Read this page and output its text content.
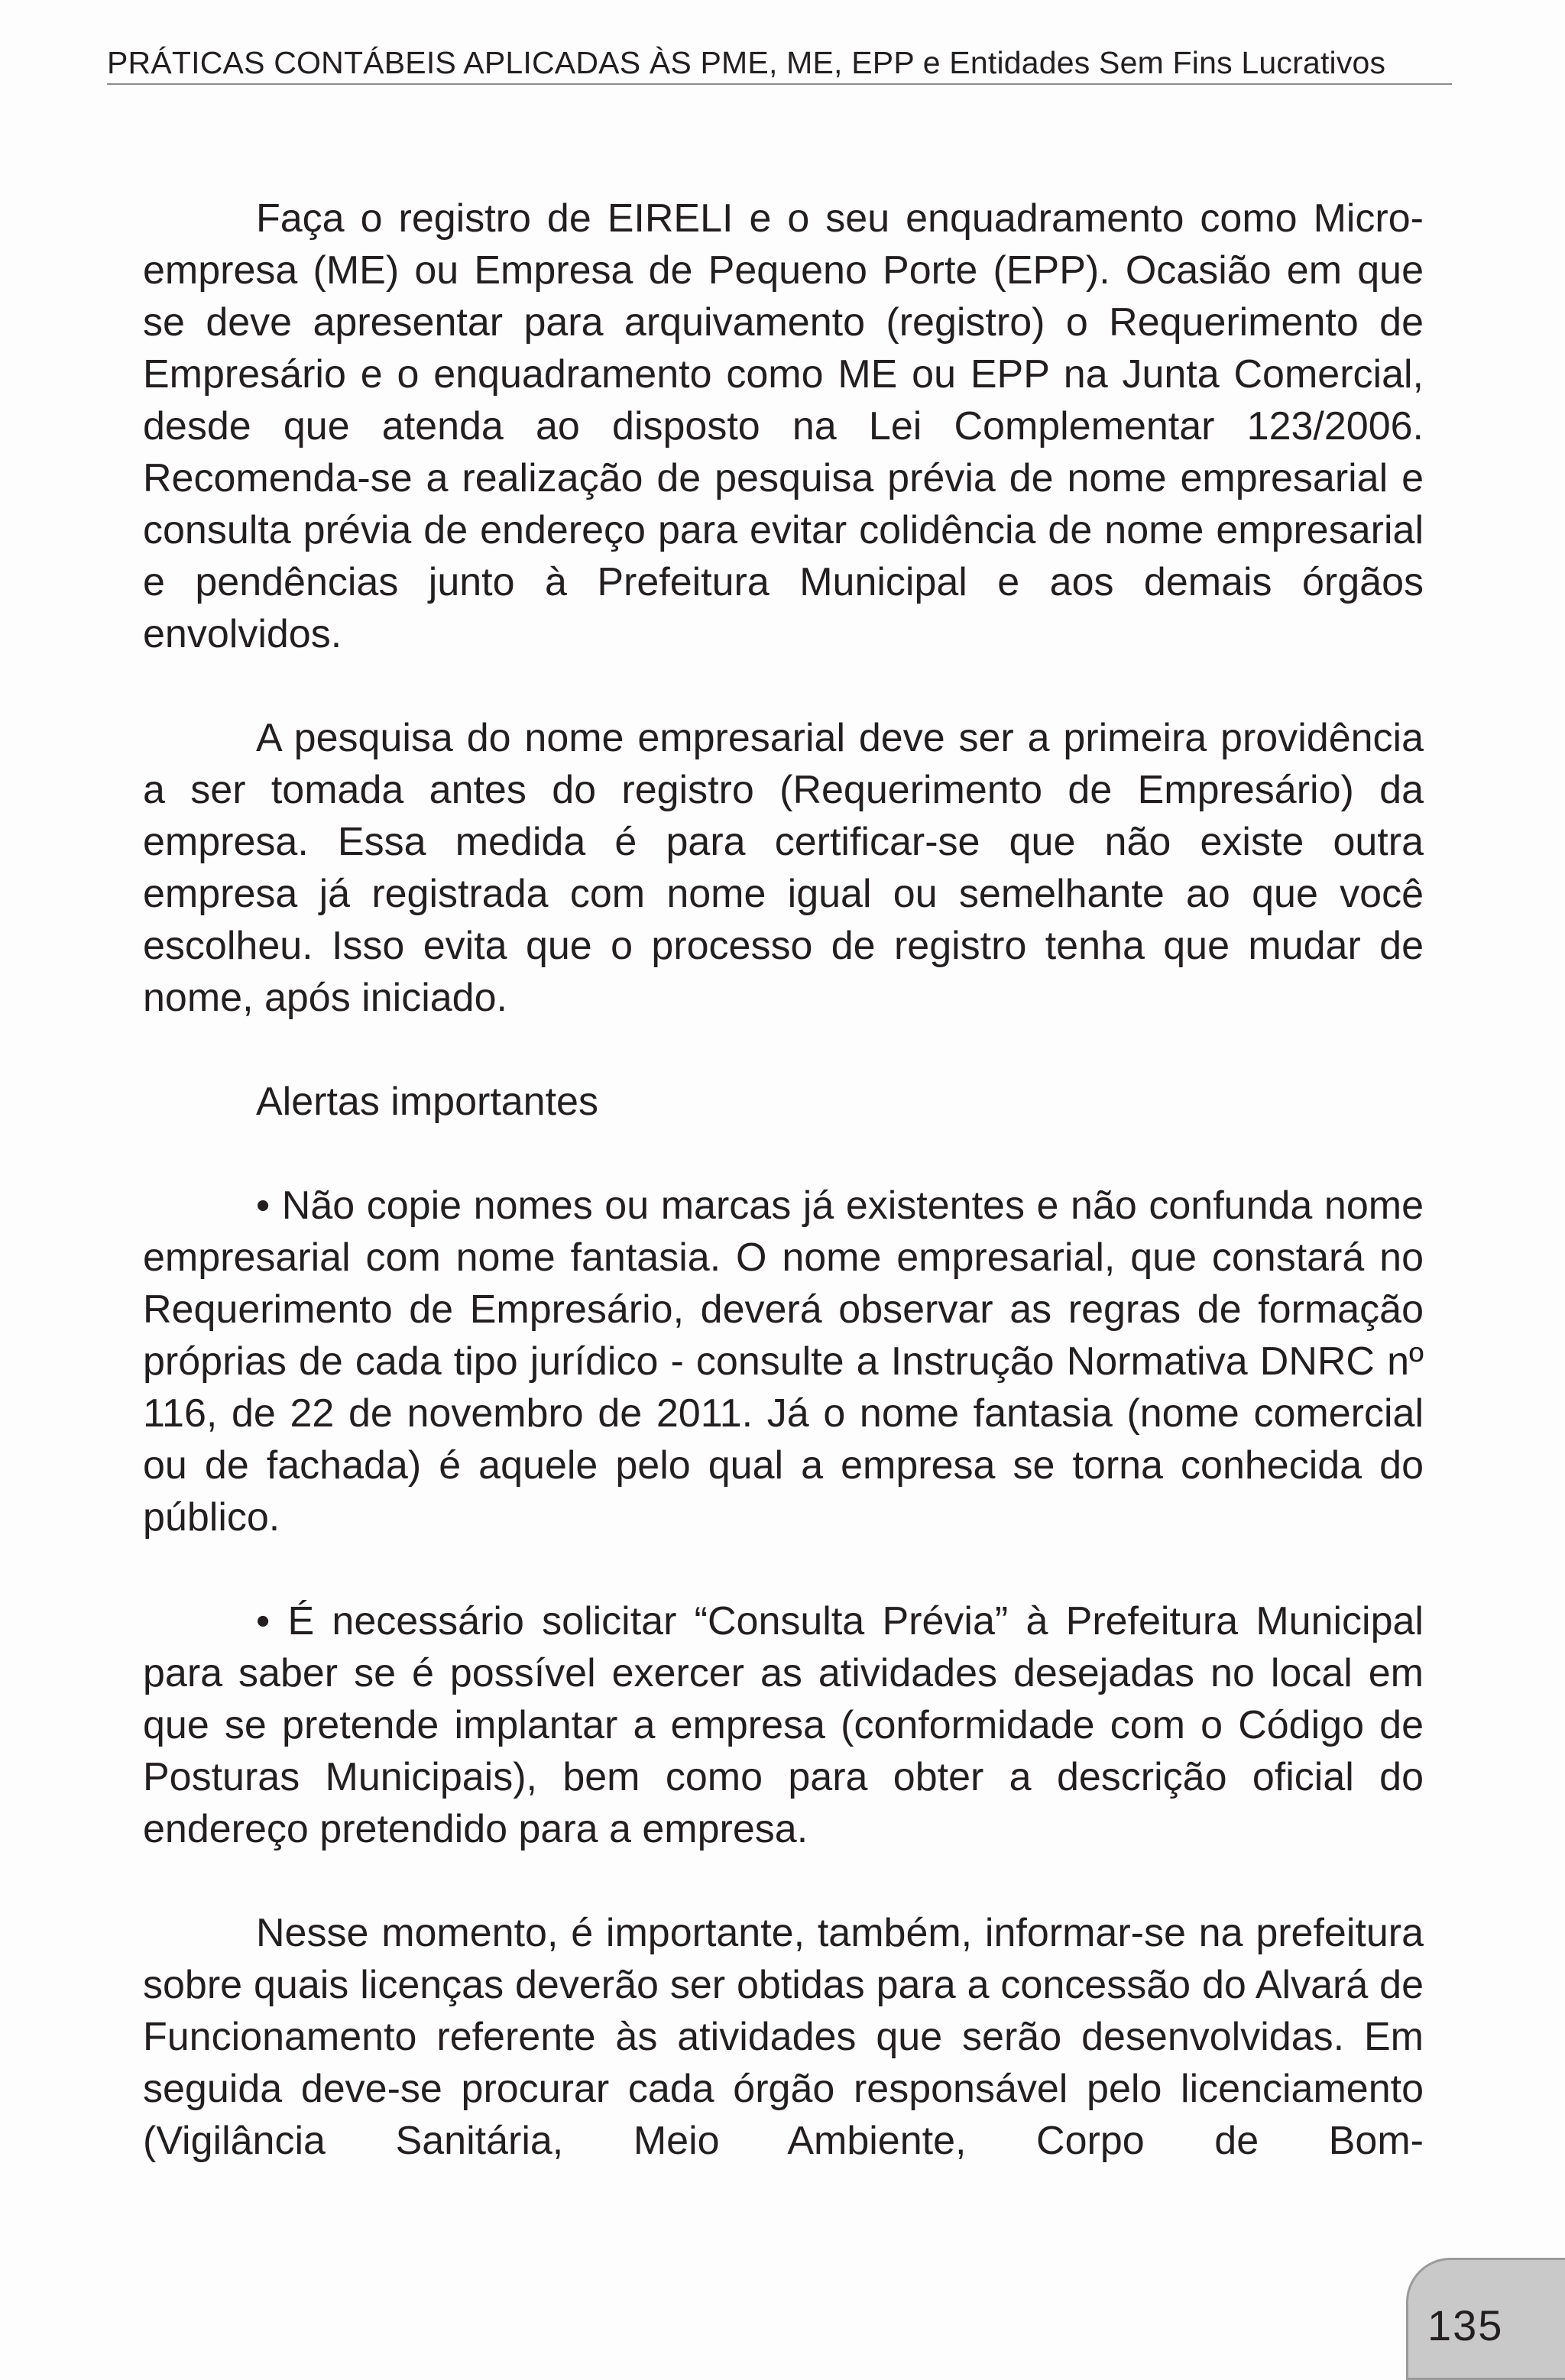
PRÁTICAS CONTÁBEIS APLICADAS ÀS PME, ME, EPP e Entidades Sem Fins Lucrativos

Faça o registro de EIRELI e o seu enquadramento como Microempresa (ME) ou Empresa de Pequeno Porte (EPP). Ocasião em que se deve apresentar para arquivamento (registro) o Requerimento de Empresário e o enquadramento como ME ou EPP na Junta Comercial, desde que atenda ao disposto na Lei Complementar 123/2006. Recomenda-se a realização de pesquisa prévia de nome empresarial e consulta prévia de endereço para evitar colidência de nome empresarial e pendências junto à Prefeitura Municipal e aos demais órgãos envolvidos.

A pesquisa do nome empresarial deve ser a primeira providência a ser tomada antes do registro (Requerimento de Empresário) da empresa. Essa medida é para certificar-se que não existe outra empresa já registrada com nome igual ou semelhante ao que você escolheu. Isso evita que o processo de registro tenha que mudar de nome, após iniciado.

Alertas importantes

• Não copie nomes ou marcas já existentes e não confunda nome empresarial com nome fantasia. O nome empresarial, que constará no Requerimento de Empresário, deverá observar as regras de formação próprias de cada tipo jurídico - consulte a Instrução Normativa DNRC nº 116, de 22 de novembro de 2011. Já o nome fantasia (nome comercial ou de fachada) é aquele pelo qual a empresa se torna conhecida do público.

• É necessário solicitar “Consulta Prévia” à Prefeitura Municipal para saber se é possível exercer as atividades desejadas no local em que se pretende implantar a empresa (conformidade com o Código de Posturas Municipais), bem como para obter a descrição oficial do endereço pretendido para a empresa.

Nesse momento, é importante, também, informar-se na prefeitura sobre quais licenças deverão ser obtidas para a concessão do Alvará de Funcionamento referente às atividades que serão desenvolvidas. Em seguida deve-se procurar cada órgão responsável pelo licenciamento (Vigilância Sanitária, Meio Ambiente, Corpo de Bom-

135
